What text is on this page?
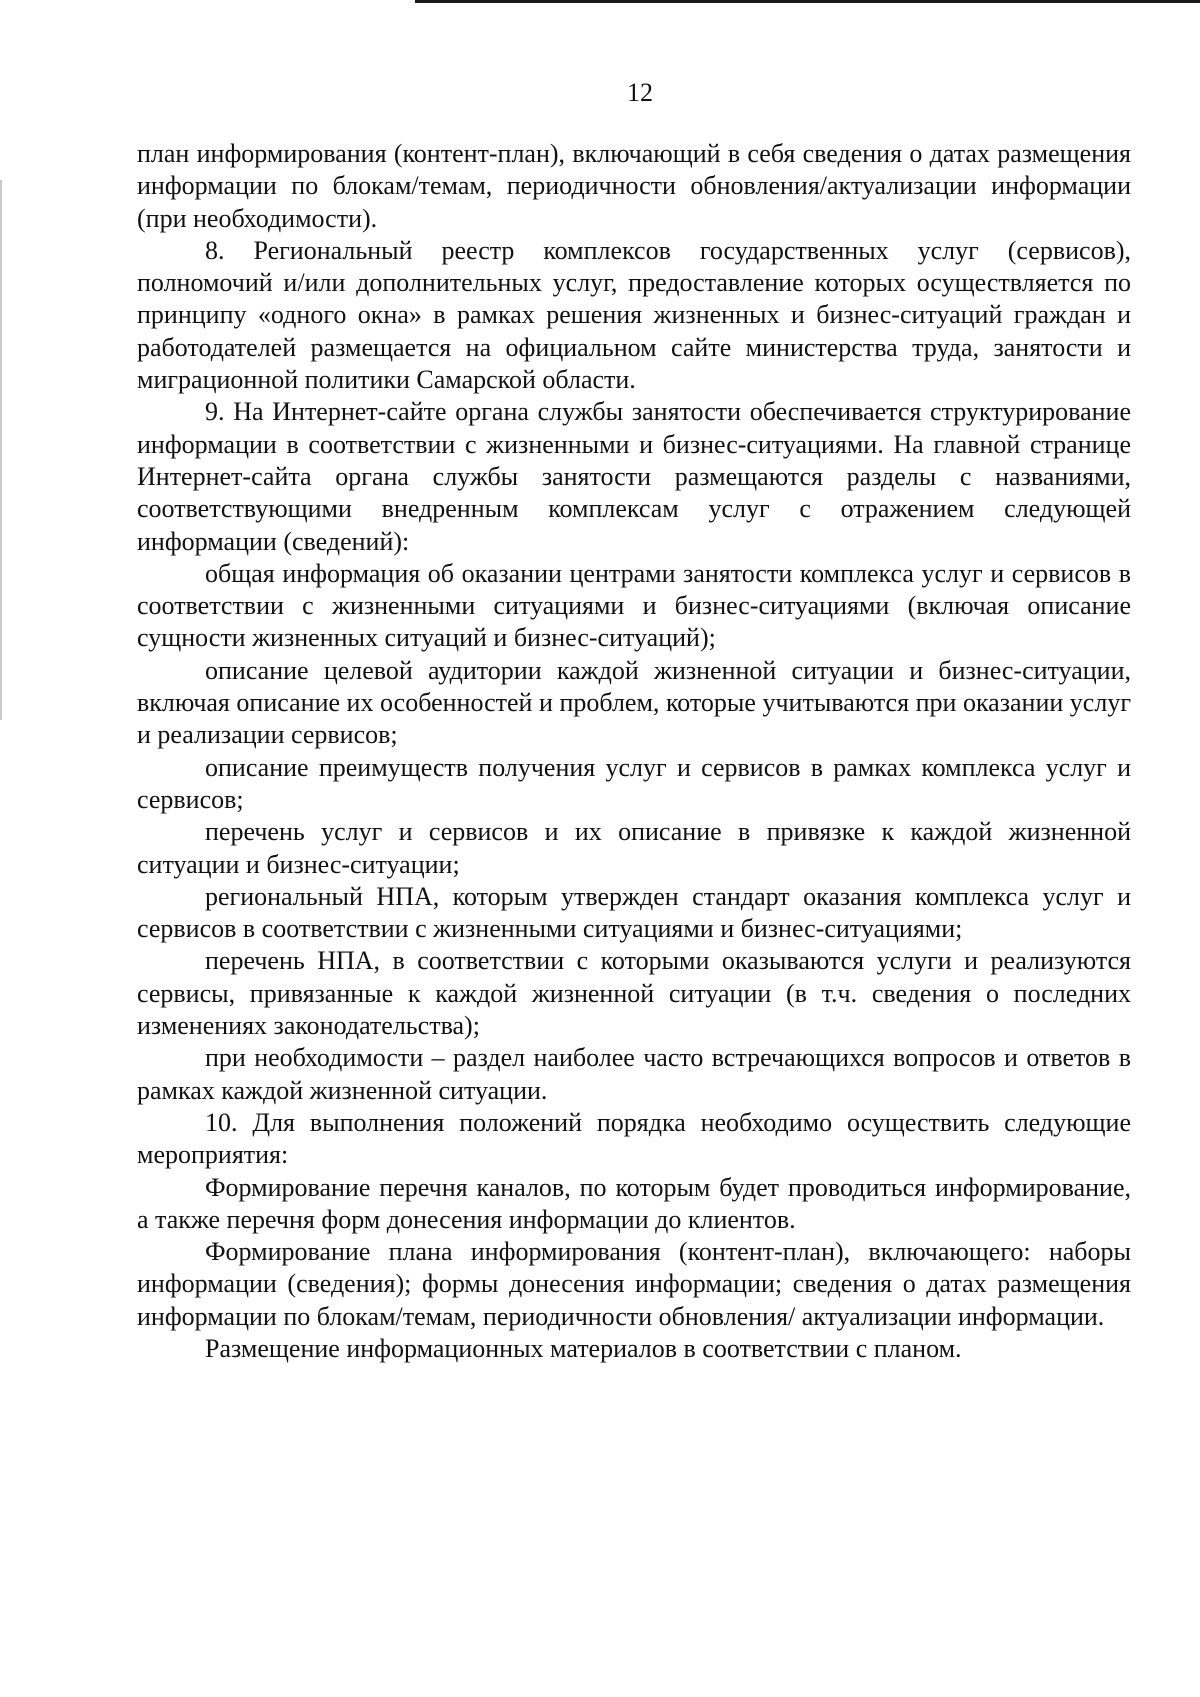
12

план информирования (контент-план), включающий в себя сведения о датах размещения информации по блокам/темам, периодичности обновления/актуализации информации (при необходимости).

8. Региональный реестр комплексов государственных услуг (сервисов), полномочий и/или дополнительных услуг, предоставление которых осуществляется по принципу «одного окна» в рамках решения жизненных и бизнес-ситуаций граждан и работодателей размещается на официальном сайте министерства труда, занятости и миграционной политики Самарской области.

9. На Интернет-сайте органа службы занятости обеспечивается структурирование информации в соответствии с жизненными и бизнес-ситуациями. На главной странице Интернет-сайта органа службы занятости размещаются разделы с названиями, соответствующими внедренным комплексам услуг с отражением следующей информации (сведений):

общая информация об оказании центрами занятости комплекса услуг и сервисов в соответствии с жизненными ситуациями и бизнес-ситуациями (включая описание сущности жизненных ситуаций и бизнес-ситуаций);

описание целевой аудитории каждой жизненной ситуации и бизнес-ситуации, включая описание их особенностей и проблем, которые учитываются при оказании услуг и реализации сервисов;

описание преимуществ получения услуг и сервисов в рамках комплекса услуг и сервисов;

перечень услуг и сервисов и их описание в привязке к каждой жизненной ситуации и бизнес-ситуации;

региональный НПА, которым утвержден стандарт оказания комплекса услуг и сервисов в соответствии с жизненными ситуациями и бизнес-ситуациями;

перечень НПА, в соответствии с которыми оказываются услуги и реализуются сервисы, привязанные к каждой жизненной ситуации (в т.ч. сведения о последних изменениях законодательства);

при необходимости – раздел наиболее часто встречающихся вопросов и ответов в рамках каждой жизненной ситуации.

10. Для выполнения положений порядка необходимо осуществить следующие мероприятия:

Формирование перечня каналов, по которым будет проводиться информирование, а также перечня форм донесения информации до клиентов.

Формирование плана информирования (контент-план), включающего: наборы информации (сведения); формы донесения информации; сведения о датах размещения информации по блокам/темам, периодичности обновления/ актуализации информации.

Размещение информационных материалов в соответствии с планом.
